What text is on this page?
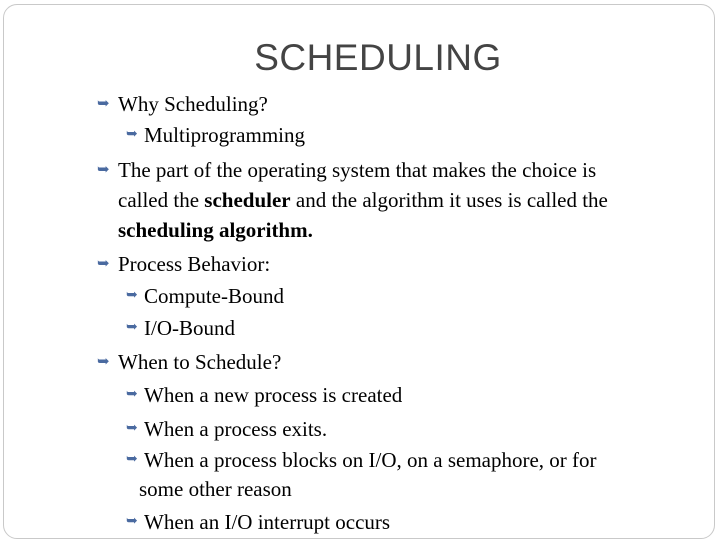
SCHEDULING
➥ Why Scheduling?
➥ Multiprogramming
➥ The part of the operating system that makes the choice is
called the scheduler and the algorithm it uses is called the
scheduling algorithm.
➥ Process Behavior:
➥ Compute-Bound
➥ I/O-Bound
➥ When to Schedule?
➥ When a new process is created
➥ When a process exits.
➥ When a process blocks on I/O, on a semaphore, or for
some other reason
➥ When an I/O interrupt occurs
